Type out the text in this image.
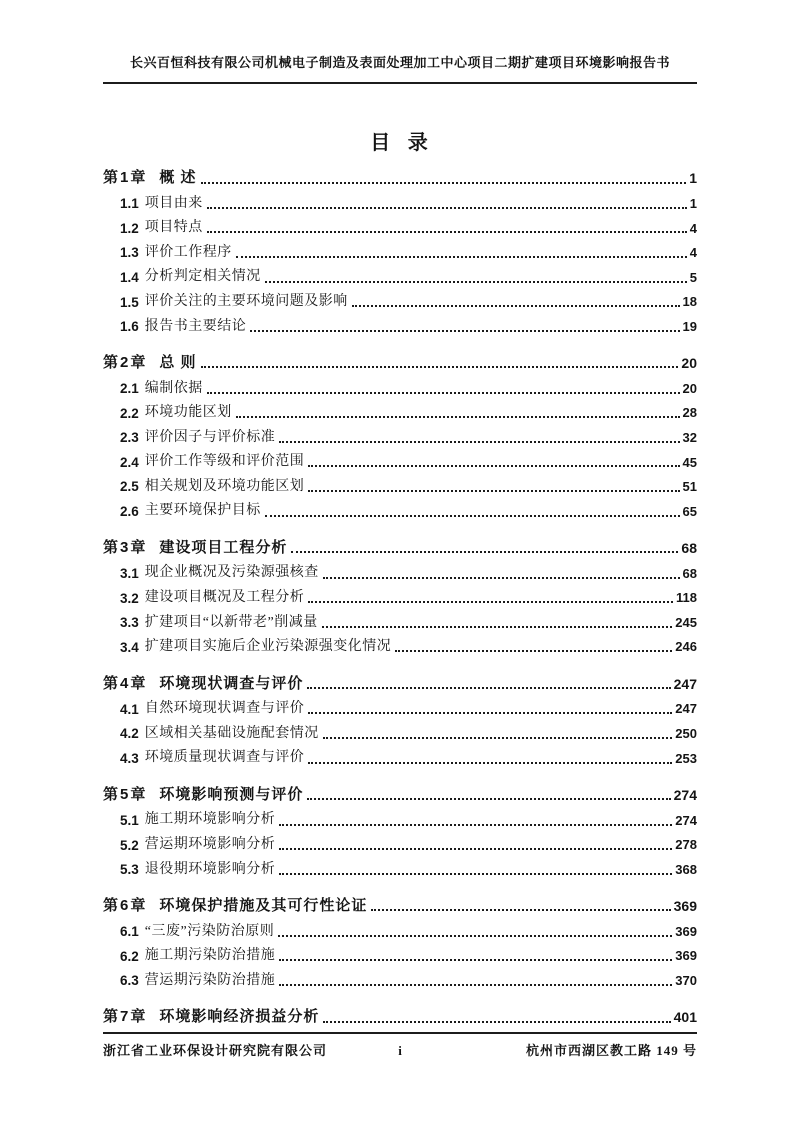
长兴百恒科技有限公司机械电子制造及表面处理加工中心项目二期扩建项目环境影响报告书
目 录
第1章 概 述	1
1.1 项目由来	1
1.2 项目特点	4
1.3 评价工作程序	4
1.4 分析判定相关情况	5
1.5 评价关注的主要环境问题及影响	18
1.6 报告书主要结论	19
第2章 总 则	20
2.1 编制依据	20
2.2 环境功能区划	28
2.3 评价因子与评价标准	32
2.4 评价工作等级和评价范围	45
2.5 相关规划及环境功能区划	51
2.6 主要环境保护目标	65
第3章 建设项目工程分析	68
3.1 现企业概况及污染源强核查	68
3.2 建设项目概况及工程分析	118
3.3 扩建项目“以新带老”削减量	245
3.4 扩建项目实施后企业污染源强变化情况	246
第4章 环境现状调查与评价	247
4.1 自然环境现状调查与评价	247
4.2 区域相关基础设施配套情况	250
4.3 环境质量现状调查与评价	253
第5章 环境影响预测与评价	274
5.1 施工期环境影响分析	274
5.2 营运期环境影响分析	278
5.3 退役期环境影响分析	368
第6章 环境保护措施及其可行性论证	369
6.1 “三废”污染防治原则	369
6.2 施工期污染防治措施	369
6.3 营运期污染防治措施	370
第7章 环境影响经济损益分析	401
浙江省工业环保设计研究院有限公司	i	杭州市西湖区教工路 149 号
